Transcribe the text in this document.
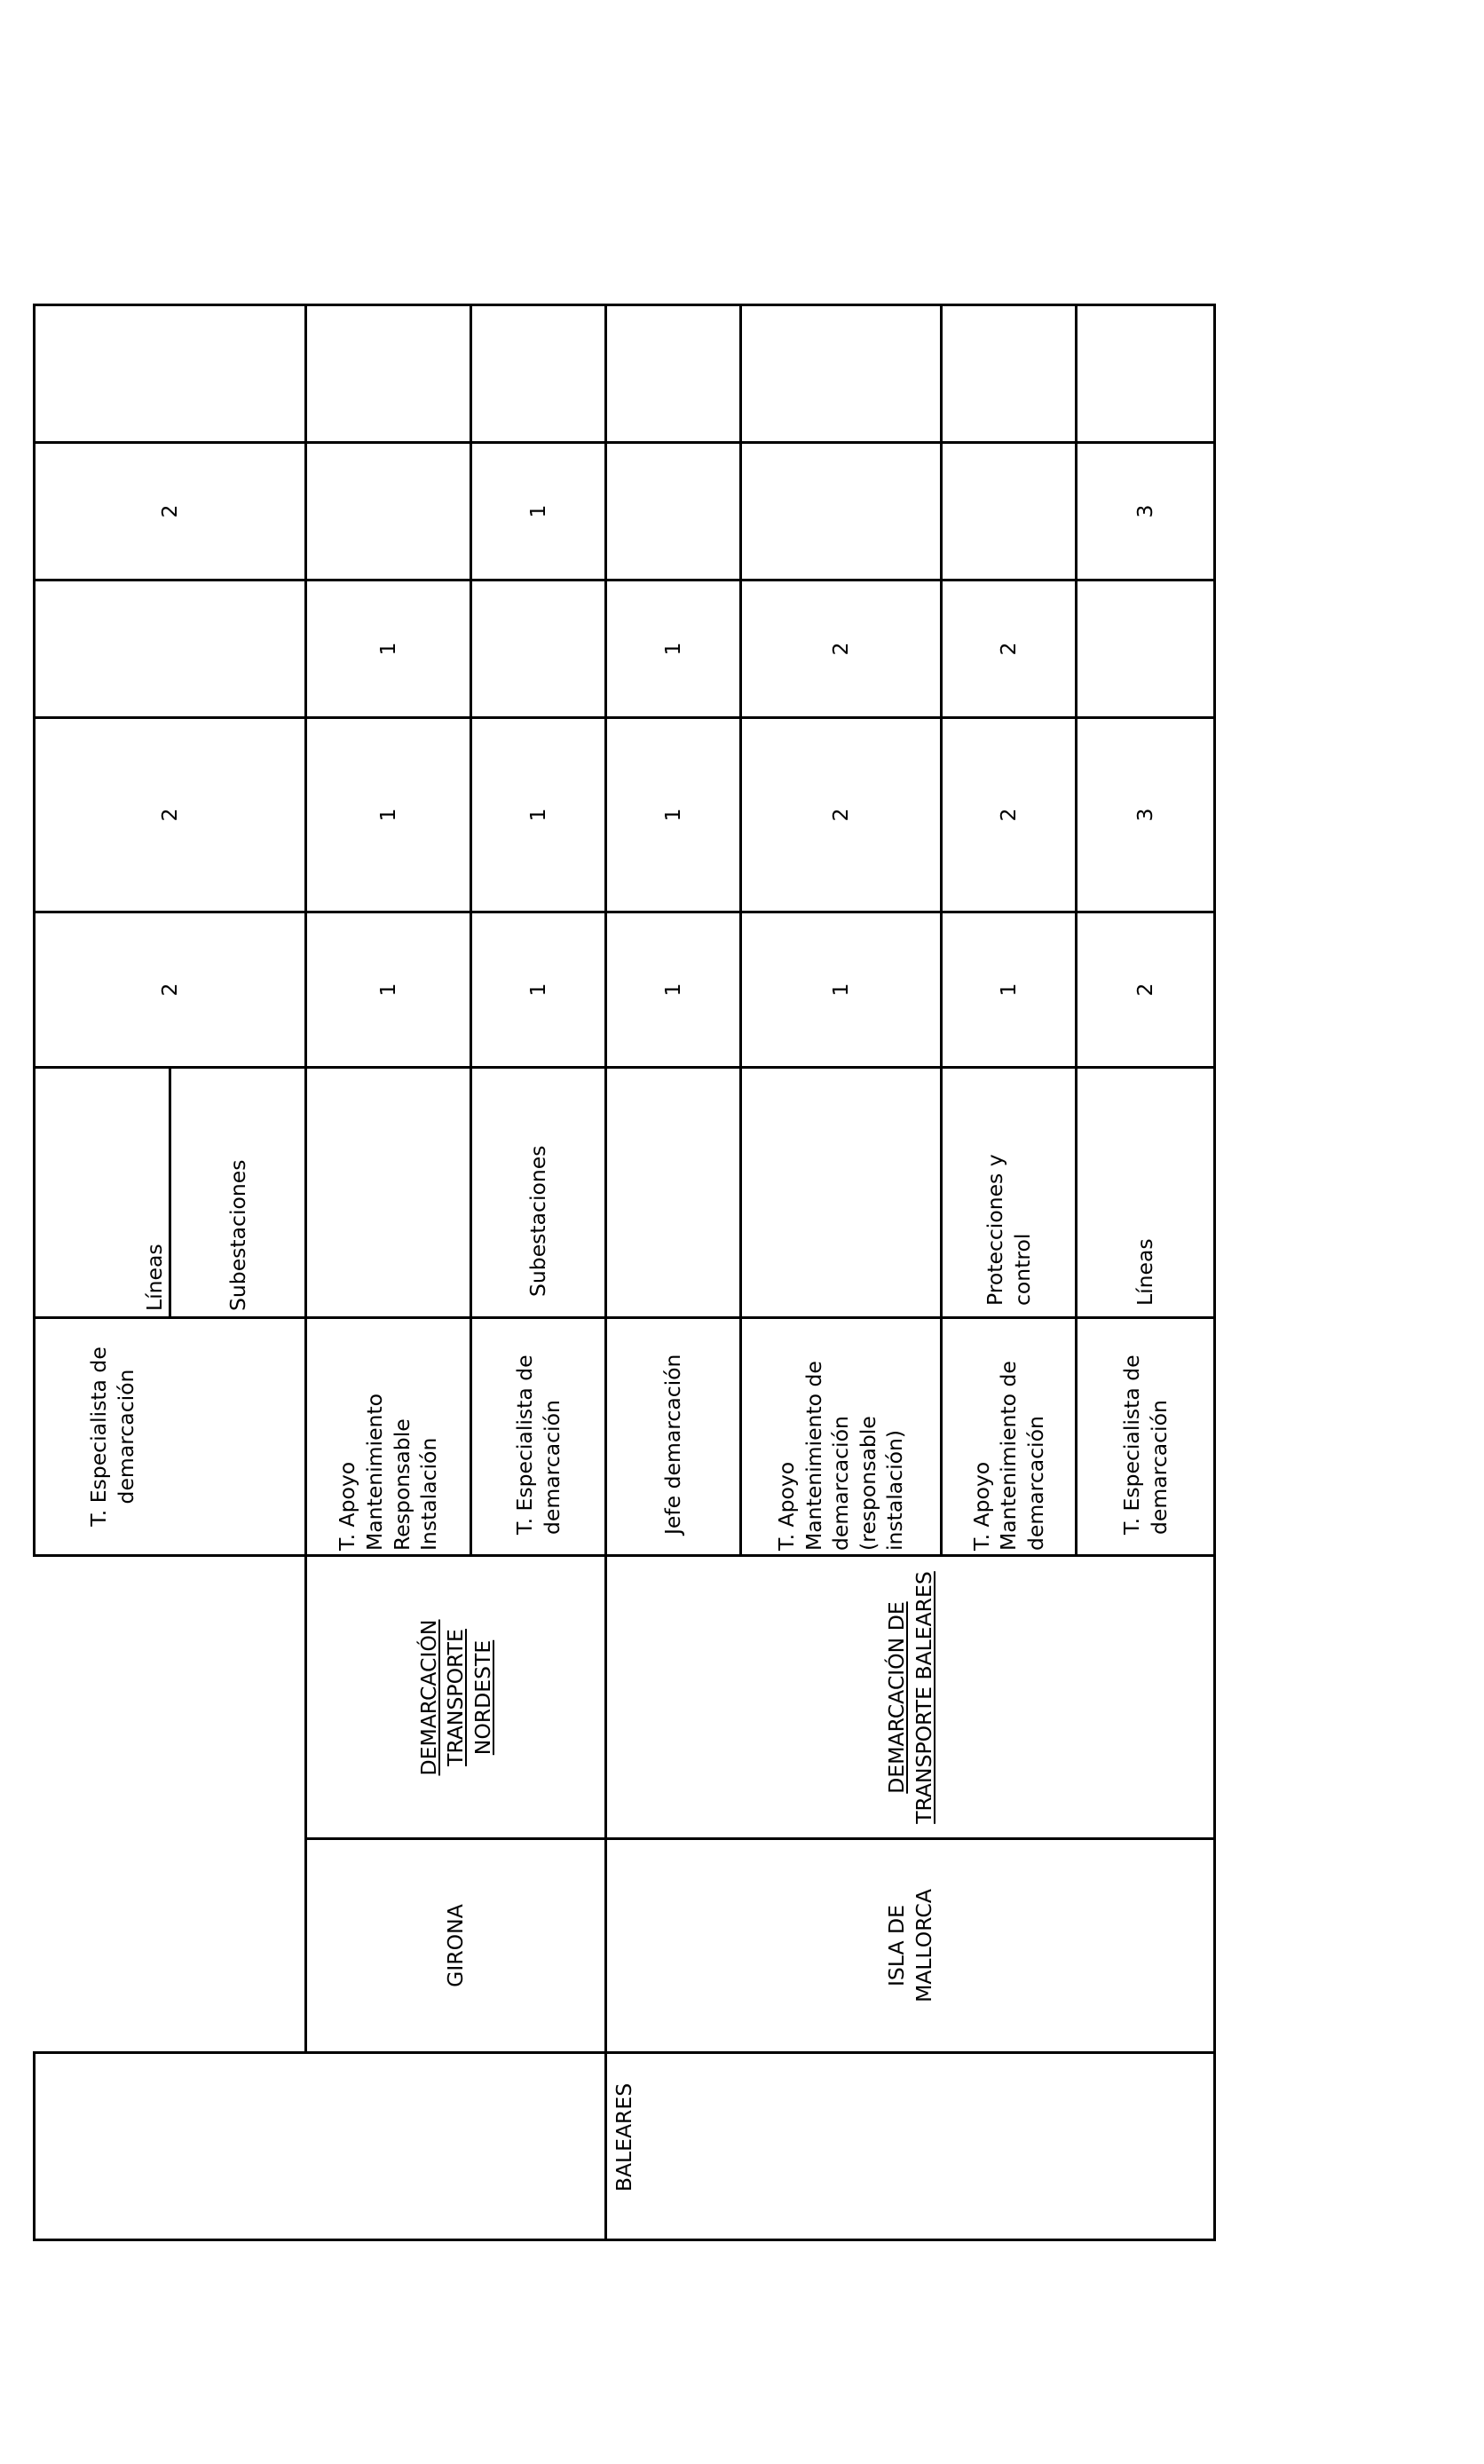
Líneas	Subestaciones
T. Especialista de demarcación
2
2
2
GIRONA
DEMARCACIÓN TRANSPORTE NORDESTE
T. Apoyo Mantenimiento Responsable Instalación
1
1
1
T. Especialista de demarcación
Subestaciones
1
1
1
BALEARES
ISLA DE MALLORCA
DEMARCACIÓN DE TRANSPORTE BALEARES
Jefe demarcación
1
1
1
T. Apoyo Mantenimiento de demarcación (responsable instalación)
1
2
2
T. Apoyo Mantenimiento de demarcación
Protecciones y control
1
2
2
T. Especialista de demarcación
Líneas
2
3
3
